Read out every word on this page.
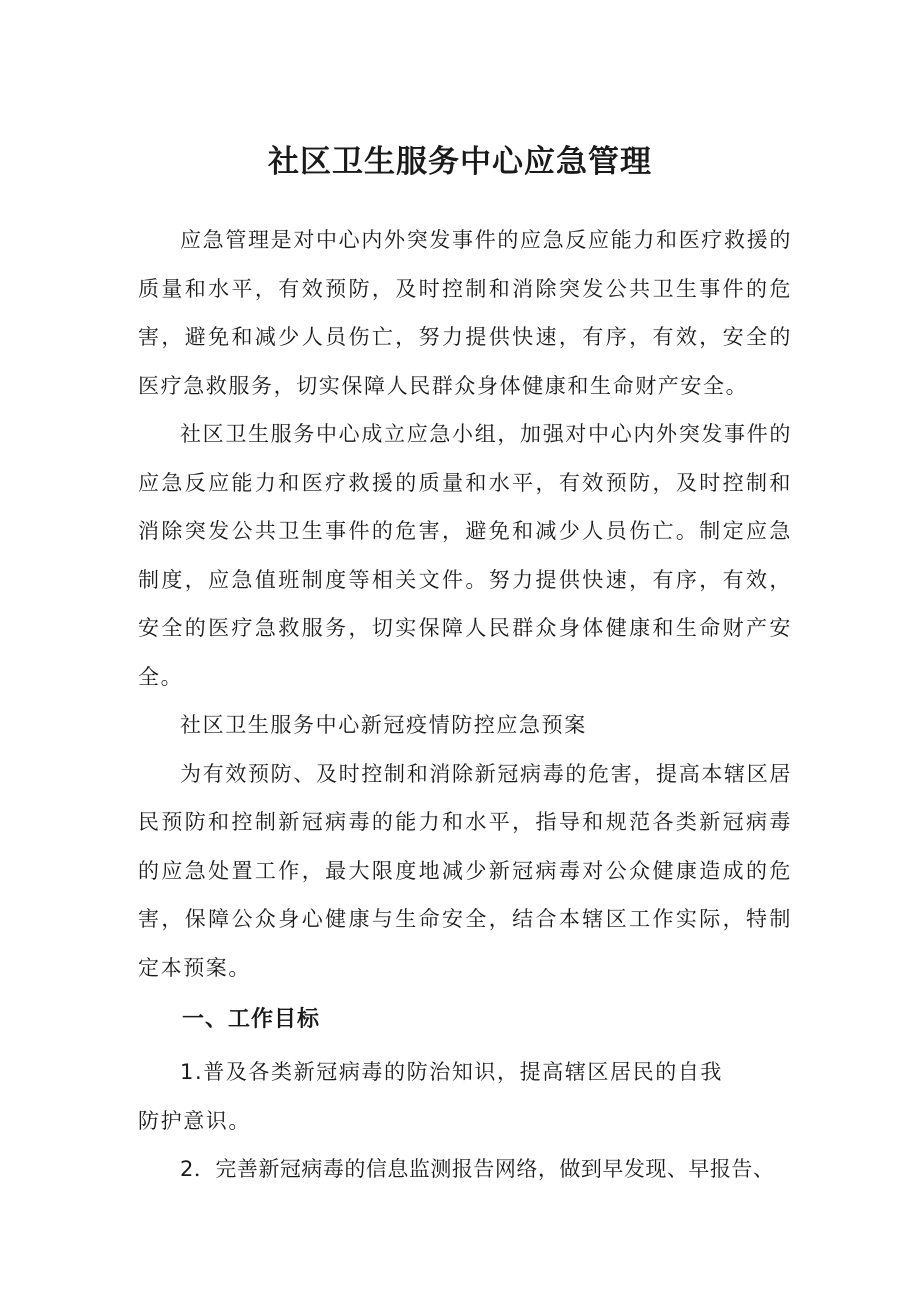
社区卫生服务中心应急管理

应急管理是对中心内外突发事件的应急反应能力和医疗救援的质量和水平，有效预防，及时控制和消除突发公共卫生事件的危害，避免和减少人员伤亡，努力提供快速，有序，有效，安全的医疗急救服务，切实保障人民群众身体健康和生命财产安全。

社区卫生服务中心成立应急小组，加强对中心内外突发事件的应急反应能力和医疗救援的质量和水平，有效预防，及时控制和消除突发公共卫生事件的危害，避免和减少人员伤亡。制定应急制度，应急值班制度等相关文件。努力提供快速，有序，有效，安全的医疗急救服务，切实保障人民群众身体健康和生命财产安全。

社区卫生服务中心新冠疫情防控应急预案

为有效预防、及时控制和消除新冠病毒的危害，提高本辖区居民预防和控制新冠病毒的能力和水平，指导和规范各类新冠病毒的应急处置工作，最大限度地减少新冠病毒对公众健康造成的危害，保障公众身心健康与生命安全，结合本辖区工作实际，特制定本预案。

一、工作目标

1.普及各类新冠病毒的防治知识，提高辖区居民的自我

防护意识。

2．完善新冠病毒的信息监测报告网络，做到早发现、早报告、
